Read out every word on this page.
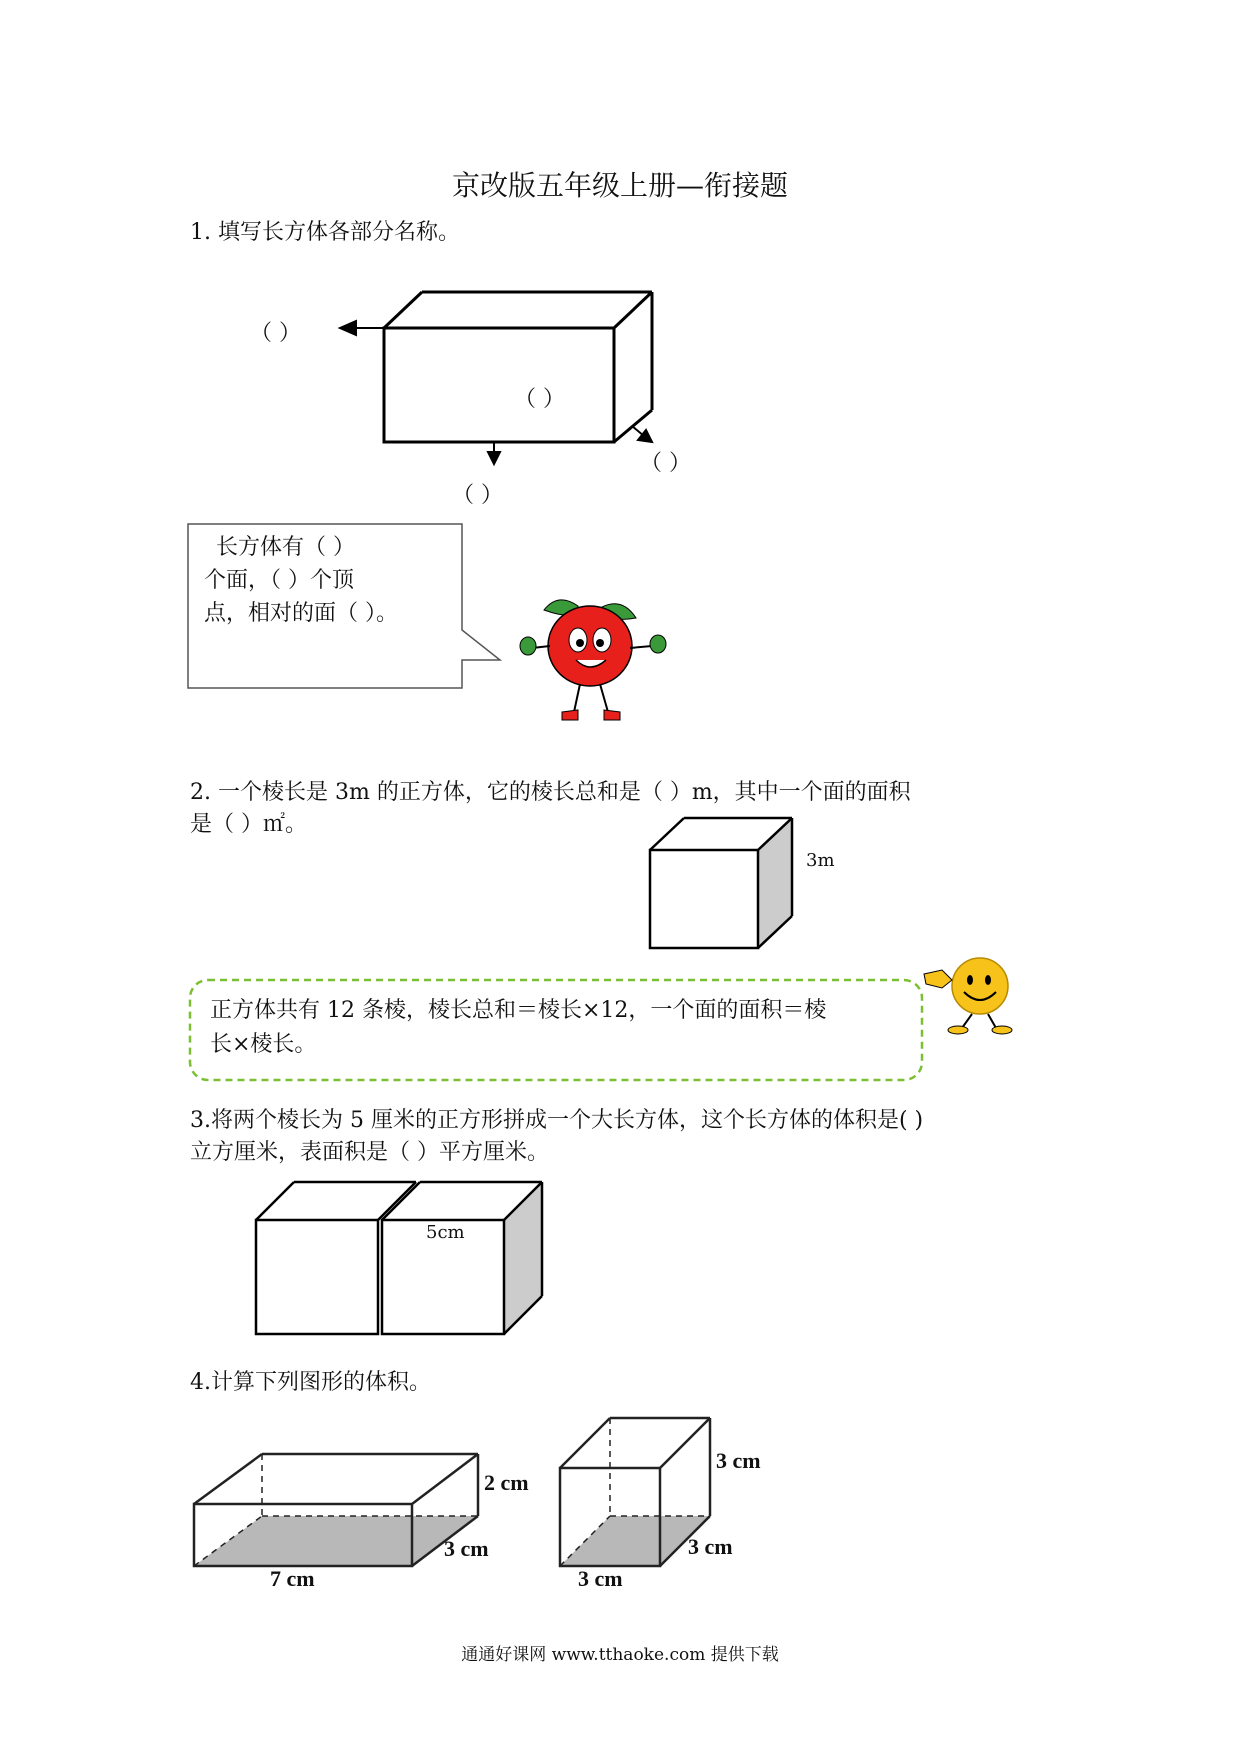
京改版五年级上册—衔接题
1. 填写长方体各部分名称。
（ ）
（ ）
（ ）
（ ）
长方体有（ ）
个面，（ ）个顶
点，相对的面（ ）。
2. 一个棱长是 3m 的正方体，它的棱长总和是（ ）m，其中一个面的面积
是（ ）㎡。
3m
正方体共有 12 条棱，棱长总和＝棱长×12，一个面的面积＝棱
长×棱长。
3.将两个棱长为 5 厘米的正方形拼成一个大长方体，这个长方体的体积是( )
立方厘米，表面积是（ ）平方厘米。
5cm
4.计算下列图形的体积。
2 cm
3 cm
7 cm
3 cm
3 cm
3 cm
通通好课网 www.tthaoke.com 提供下载
